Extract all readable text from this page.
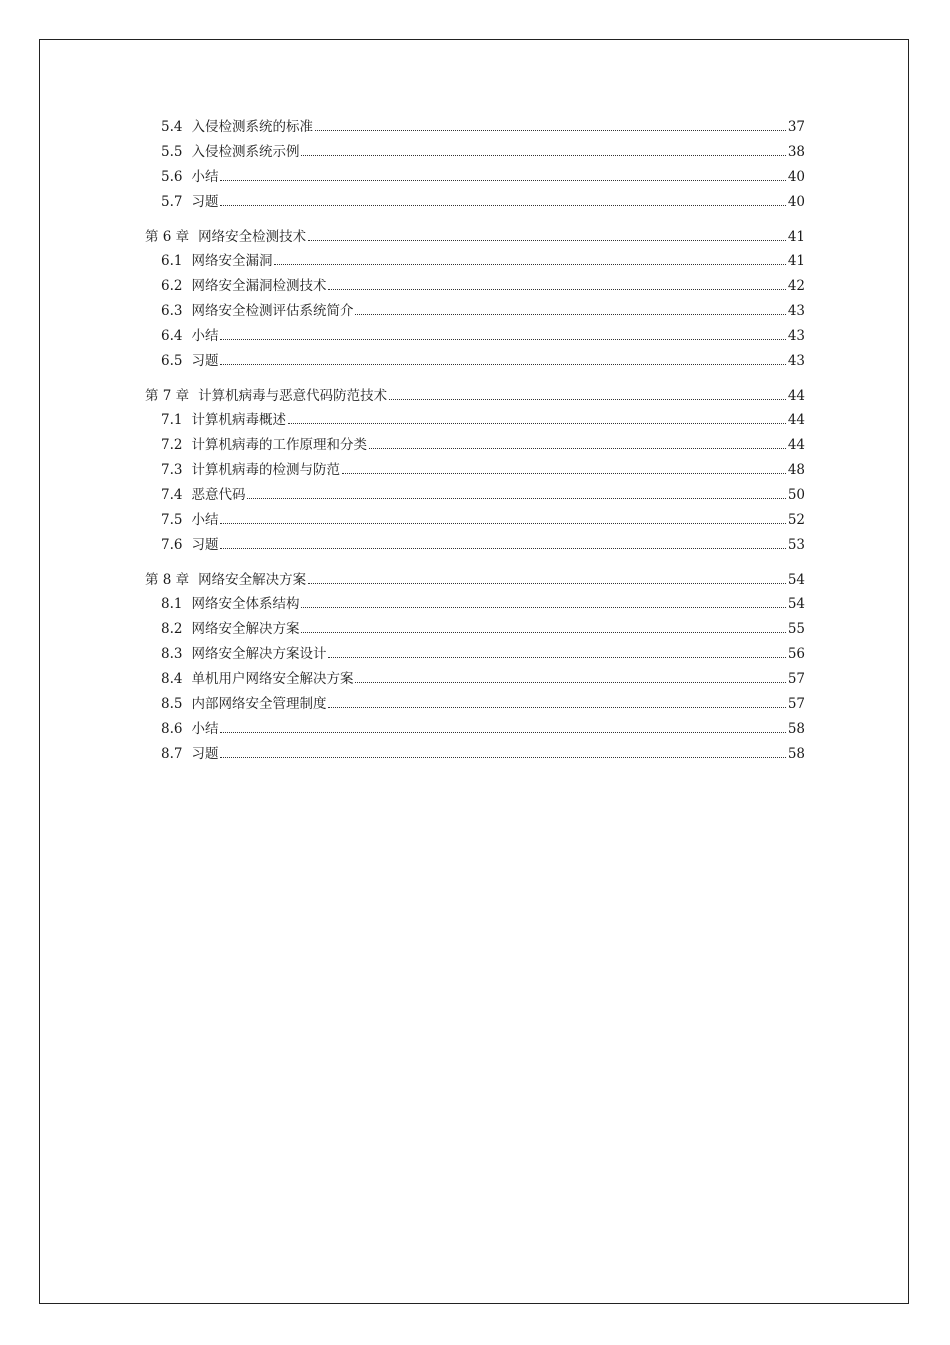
5.4 入侵检测系统的标准	37
5.5 入侵检测系统示例	38
5.6 小结	40
5.7 习题	40
第 6 章 网络安全检测技术	41
6.1 网络安全漏洞	41
6.2 网络安全漏洞检测技术	42
6.3 网络安全检测评估系统简介	43
6.4 小结	43
6.5 习题	43
第 7 章 计算机病毒与恶意代码防范技术	44
7.1 计算机病毒概述	44
7.2 计算机病毒的工作原理和分类	44
7.3 计算机病毒的检测与防范	48
7.4 恶意代码	50
7.5 小结	52
7.6 习题	53
第 8 章 网络安全解决方案	54
8.1 网络安全体系结构	54
8.2 网络安全解决方案	55
8.3 网络安全解决方案设计	56
8.4 单机用户网络安全解决方案	57
8.5 内部网络安全管理制度	57
8.6 小结	58
8.7 习题	58
